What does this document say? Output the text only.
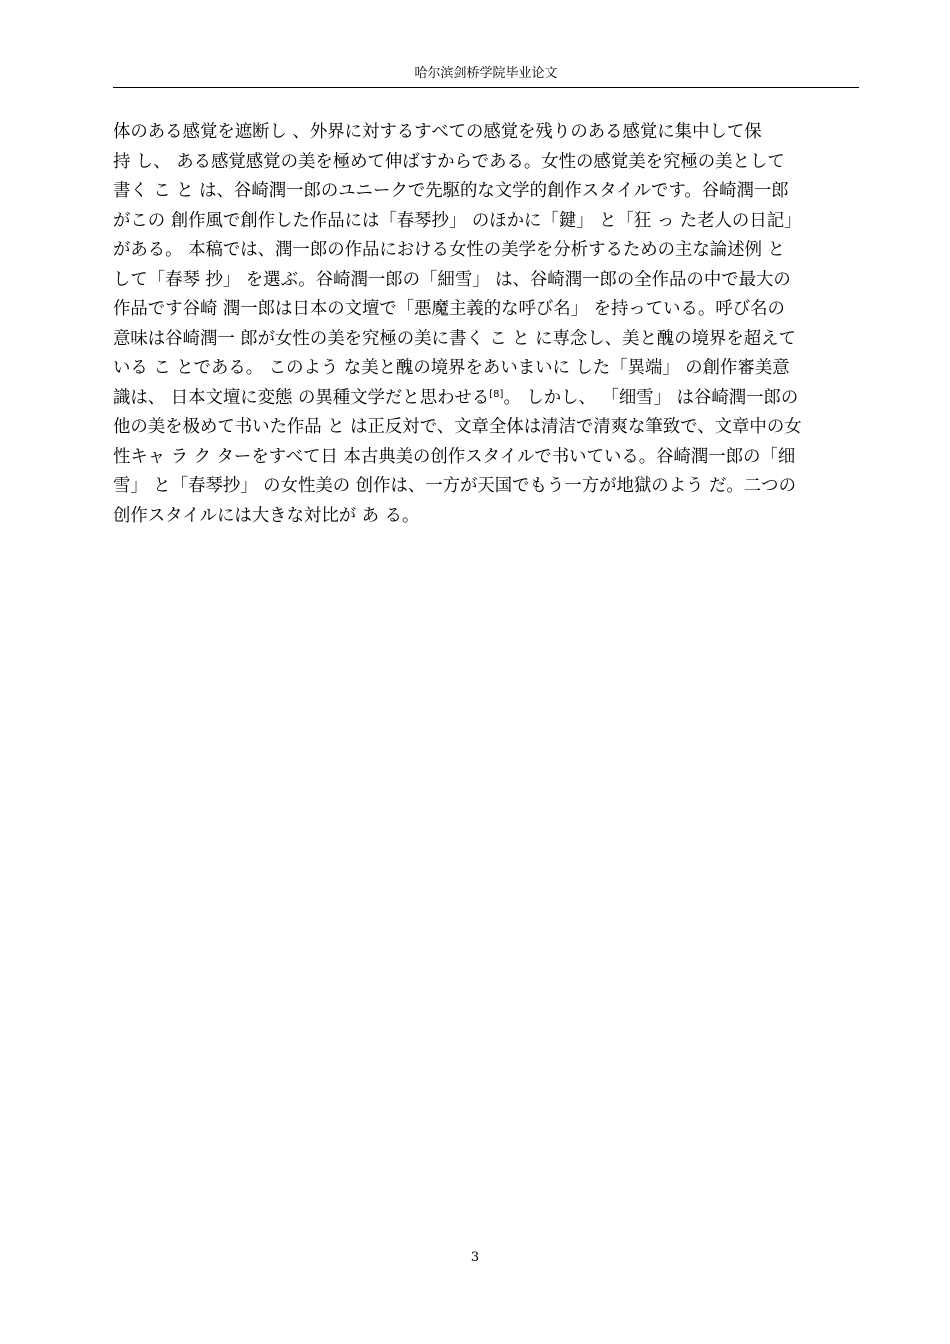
哈尔滨剑桥学院毕业论文
体のある感覚を遮断し 、外界に対するすべての感覚を残りのある感覚に集中して保
持 し、 ある感覚感覚の美を極めて伸ばすからである。女性の感覚美を究極の美として
書く こ と は、谷崎潤一郎のユニークで先駆的な文学的創作スタイルです。谷崎潤一郎
がこの 創作風で創作した作品には「春琴抄」 のほかに「鍵」 と「狂 っ た老人の日記」
がある。 本稿では、潤一郎の作品における女性の美学を分析するための主な論述例 と
して「春琴 抄」 を選ぶ。谷崎潤一郎の「細雪」 は、谷崎潤一郎の全作品の中で最大の
作品です谷崎 潤一郎は日本の文壇で「悪魔主義的な呼び名」 を持っている。呼び名の
意味は谷崎潤一 郎が女性の美を究極の美に書く こ と に専念し、美と醜の境界を超えて
いる こ とである。 このよう な美と醜の境界をあいまいに した「異端」 の創作審美意
識は、 日本文壇に変態 の異種文学だと思わせる[8]。 しかし、 「细雪」 は谷崎潤一郎の
他の美を极めて书いた作品 と は正反対で、文章全体は清洁で清爽な筆致で、文章中の女
性キャ ラ ク ターをすべて日 本古典美の创作スタイルで书いている。谷崎潤一郎の「细
雪」 と「春琴抄」 の女性美の 创作は、一方が天国でもう一方が地獄のよう だ。二つの
创作スタイルには大きな対比が あ る。
3
